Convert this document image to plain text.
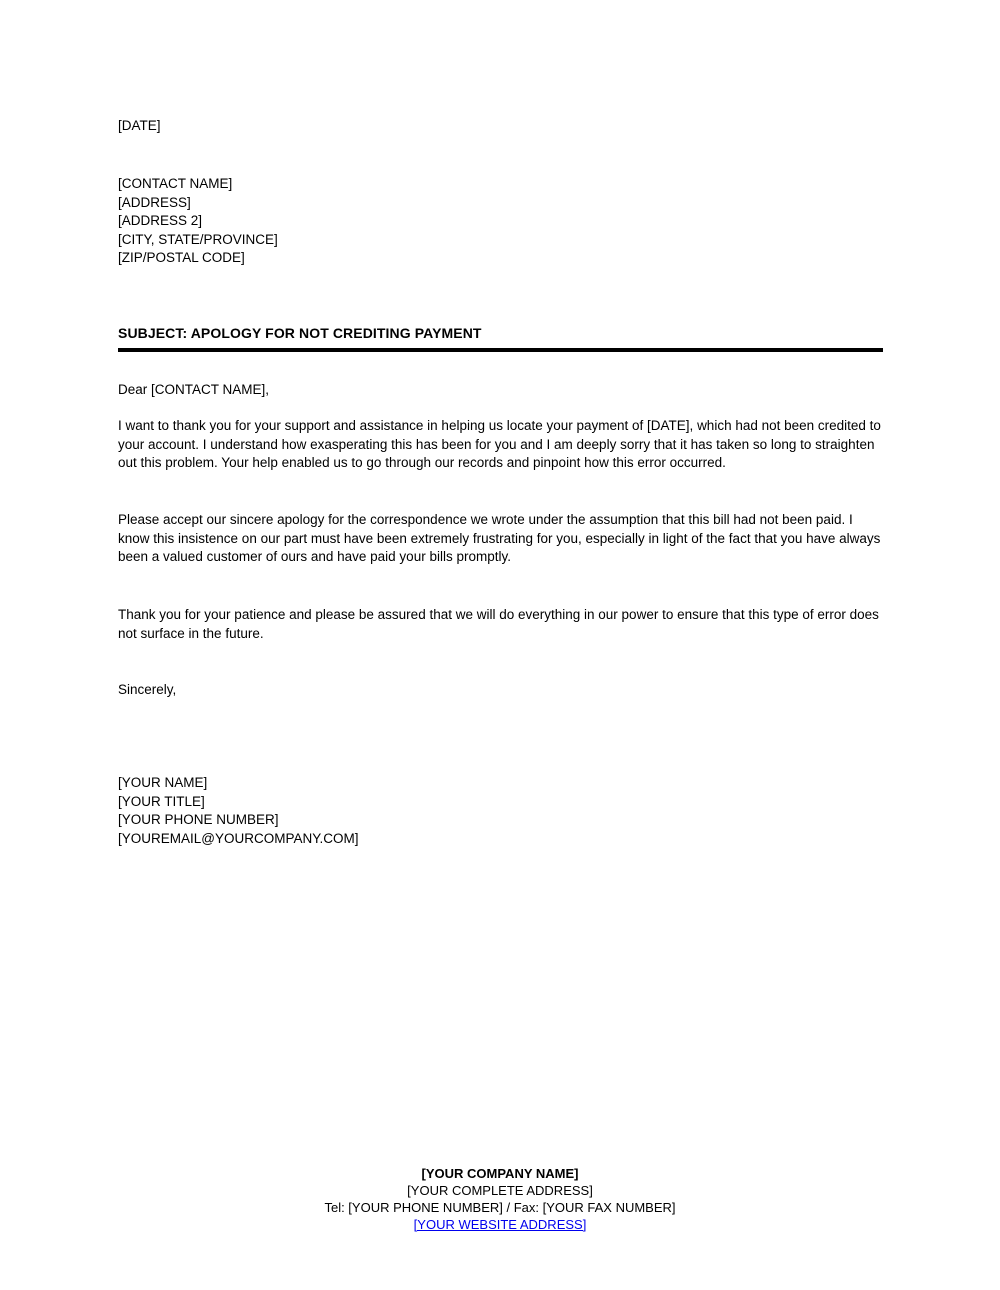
[DATE]
[CONTACT NAME]
[ADDRESS]
[ADDRESS 2]
[CITY, STATE/PROVINCE]
[ZIP/POSTAL CODE]
SUBJECT: APOLOGY FOR NOT CREDITING PAYMENT
Dear [CONTACT NAME],
I want to thank you for your support and assistance in helping us locate your payment of [DATE], which had not been credited to your account. I understand how exasperating this has been for you and I am deeply sorry that it has taken so long to straighten out this problem. Your help enabled us to go through our records and pinpoint how this error occurred.
Please accept our sincere apology for the correspondence we wrote under the assumption that this bill had not been paid. I know this insistence on our part must have been extremely frustrating for you, especially in light of the fact that you have always been a valued customer of ours and have paid your bills promptly.
Thank you for your patience and please be assured that we will do everything in our power to ensure that this type of error does not surface in the future.
Sincerely,
[YOUR NAME]
[YOUR TITLE]
[YOUR PHONE NUMBER]
[YOUREMAIL@YOURCOMPANY.COM]
[YOUR COMPANY NAME]
[YOUR COMPLETE ADDRESS]
Tel: [YOUR PHONE NUMBER] / Fax: [YOUR FAX NUMBER]
[YOUR WEBSITE ADDRESS]
